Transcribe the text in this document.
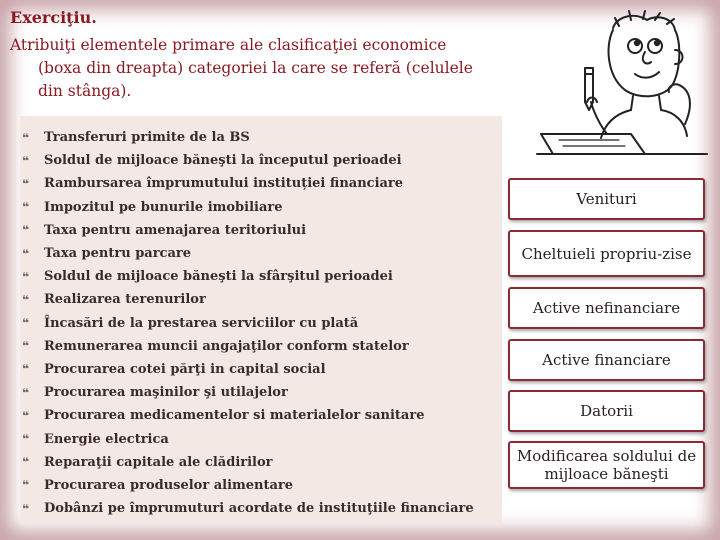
Exerciţiu.
Atribuiţi elementele primare ale clasificaţiei economice
(boxa din dreapta) categoriei la care se referă (celulele
din stânga).
❝	Transferuri primite de la BS
❝	Soldul de mijloace băneşti la începutul perioadei
❝	Rambursarea împrumutului instituției financiare
❝	Impozitul pe bunurile imobiliare
❝	Taxa pentru amenajarea teritoriului
❝	Taxa pentru parcare
❝	Soldul de mijloace băneşti la sfârşitul perioadei
❝	Realizarea terenurilor
❝	Încasări de la prestarea serviciilor cu plată
❝	Remunerarea muncii angajaţilor conform statelor
❝	Procurarea cotei părţi in capital social
❝	Procurarea maşinilor şi utilajelor
❝	Procurarea medicamentelor si materialelor sanitare
❝	Energie electrica
❝	Reparaţii capitale ale clădirilor
❝	Procurarea produselor alimentare
❝	Dobânzi pe împrumuturi acordate de instituţiile financiare
Venituri
Cheltuieli propriu-zise
Active nefinanciare
Active financiare
Datorii
Modificarea soldului de mijloace băneşti
